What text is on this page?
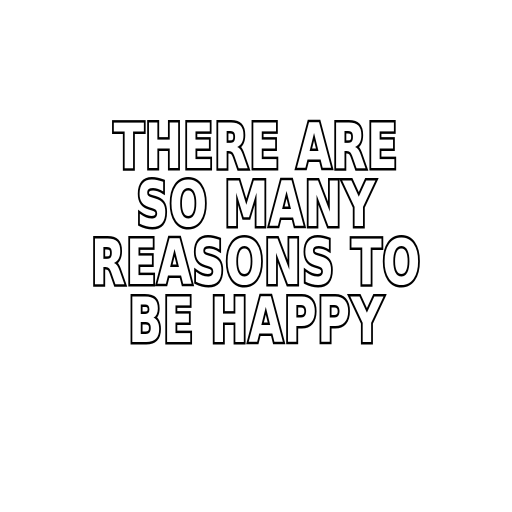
THERE ARE
SO MANY
REASONS TO
BE HAPPY
